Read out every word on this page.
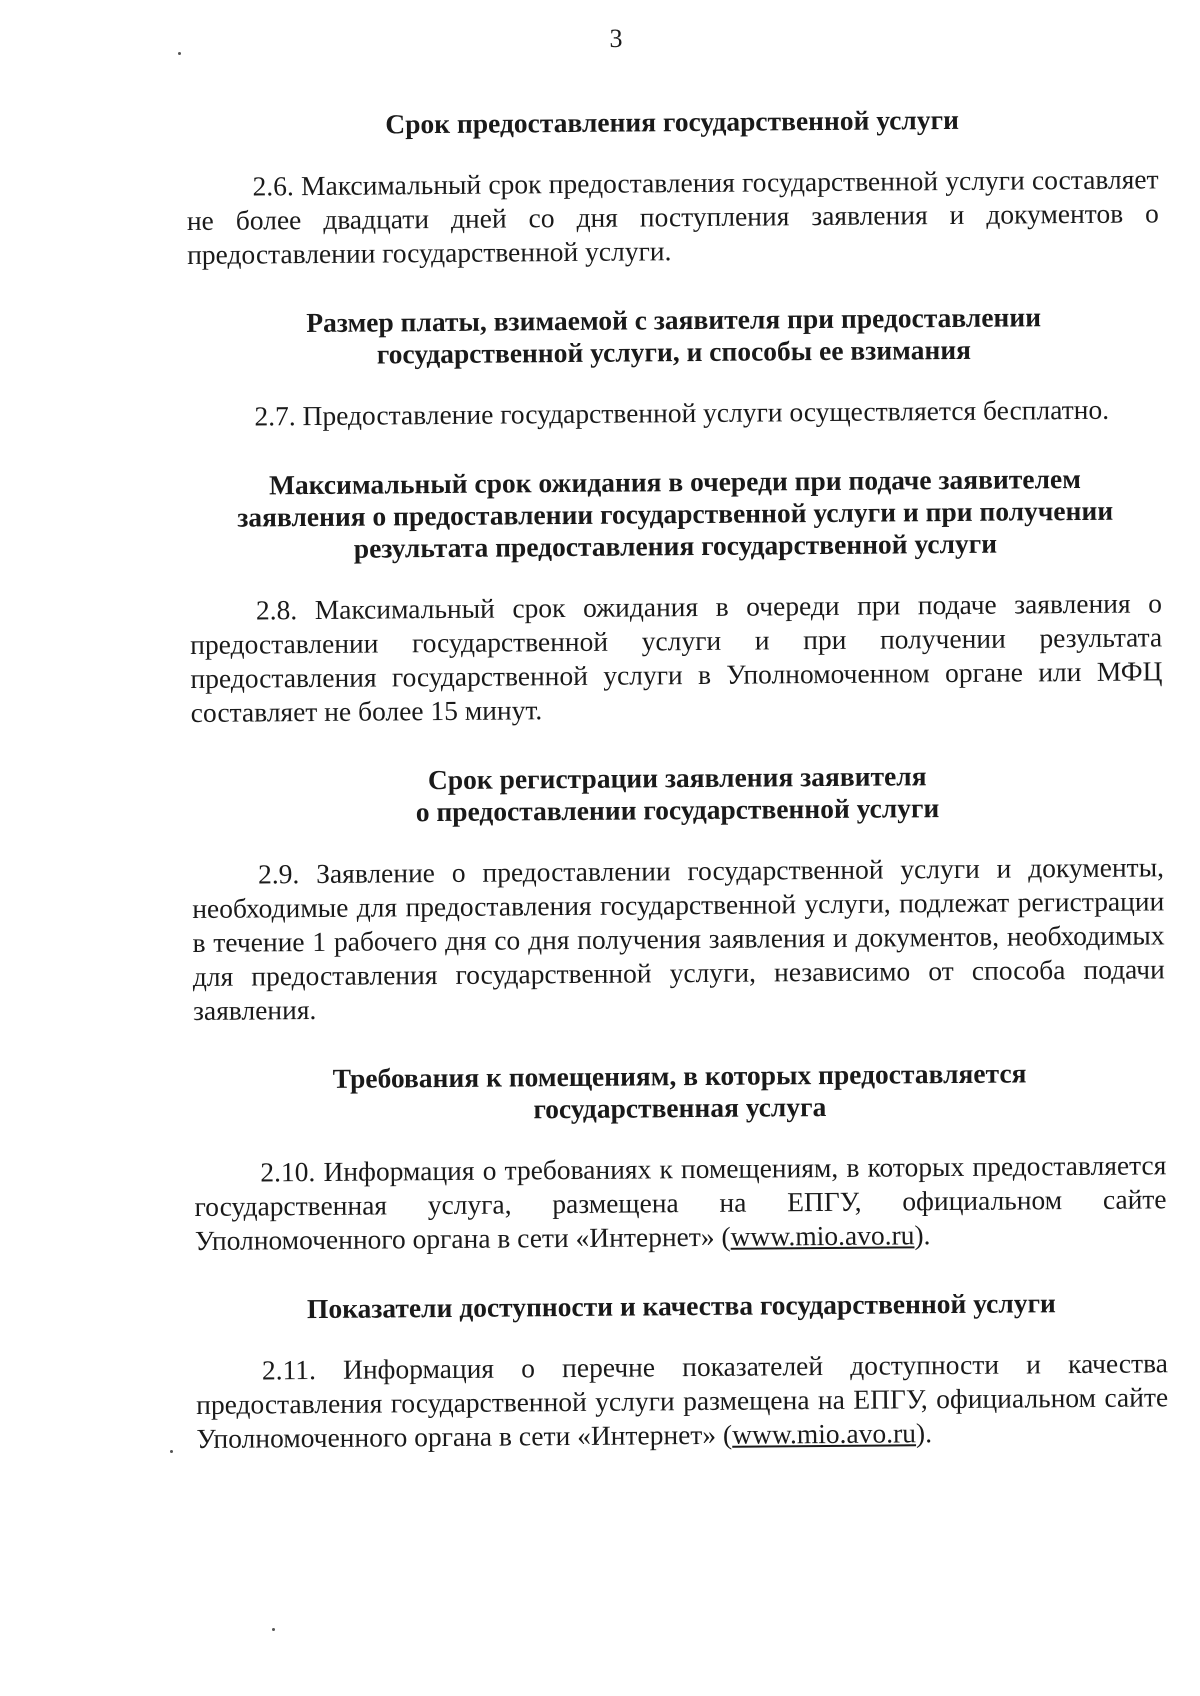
3
Срок предоставления государственной услуги

2.6. Максимальный срок предоставления государственной услуги составляет не более двадцати дней со дня поступления заявления и документов о предоставлении государственной услуги.

Размер платы, взимаемой с заявителя при предоставлении
государственной услуги, и способы ее взимания

2.7. Предоставление государственной услуги осуществляется бесплатно.

Максимальный срок ожидания в очереди при подаче заявителем
заявления о предоставлении государственной услуги и при получении
результата предоставления государственной услуги

2.8. Максимальный срок ожидания в очереди при подаче заявления о предоставлении государственной услуги и при получении результата предоставления государственной услуги в Уполномоченном органе или МФЦ составляет не более 15 минут.

Срок регистрации заявления заявителя
о предоставлении государственной услуги

2.9. Заявление о предоставлении государственной услуги и документы, необходимые для предоставления государственной услуги, подлежат регистрации в течение 1 рабочего дня со дня получения заявления и документов, необходимых для предоставления государственной услуги, независимо от способа подачи заявления.

Требования к помещениям, в которых предоставляется
государственная услуга

2.10. Информация о требованиях к помещениям, в которых предоставляется государственная услуга, размещена на ЕПГУ, официальном сайте Уполномоченного органа в сети «Интернет» (www.mio.avo.ru).

Показатели доступности и качества государственной услуги

2.11. Информация о перечне показателей доступности и качества предоставления государственной услуги размещена на ЕПГУ, официальном сайте Уполномоченного органа в сети «Интернет» (www.mio.avo.ru).
